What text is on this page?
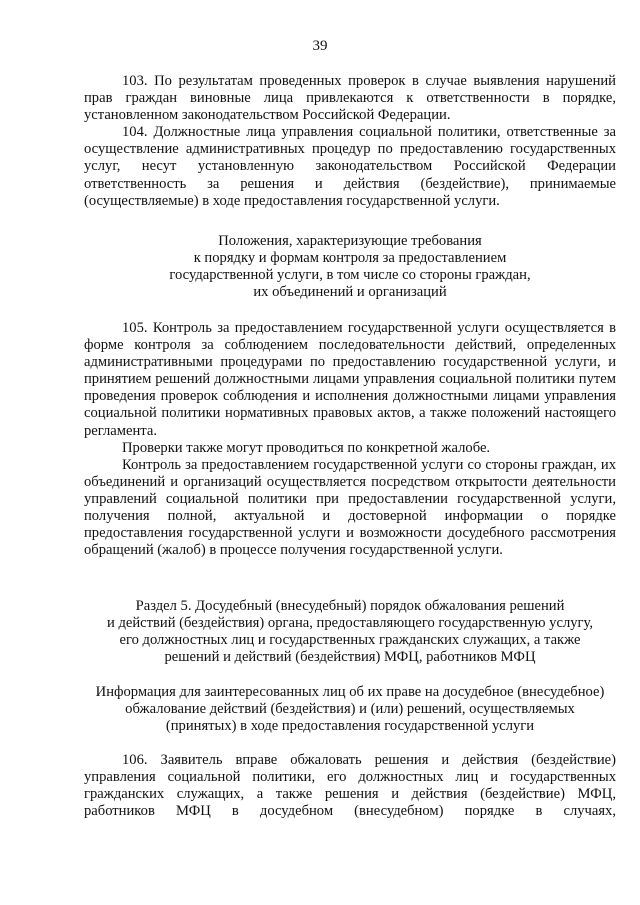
39

103. По результатам проведенных проверок в случае выявления нарушений прав граждан виновные лица привлекаются к ответственности в порядке, установленном законодательством Российской Федерации.

104. Должностные лица управления социальной политики, ответственные за осуществление административных процедур по предоставлению государственных услуг, несут установленную законодательством Российской Федерации ответственность за решения и действия (бездействие), принимаемые (осуществляемые) в ходе предоставления государственной услуги.

Положения, характеризующие требования

к порядку и формам контроля за предоставлением

государственной услуги, в том числе со стороны граждан,

их объединений и организаций

105. Контроль за предоставлением государственной услуги осуществляется в форме контроля за соблюдением последовательности действий, определенных административными процедурами по предоставлению государственной услуги, и принятием решений должностными лицами управления социальной политики путем проведения проверок соблюдения и исполнения должностными лицами управления социальной политики нормативных правовых актов, а также положений настоящего регламента.

Проверки также могут проводиться по конкретной жалобе.

Контроль за предоставлением государственной услуги со стороны граждан, их объединений и организаций осуществляется посредством открытости деятельности управлений социальной политики при предоставлении государственной услуги, получения полной, актуальной и достоверной информации о порядке предоставления государственной услуги и возможности досудебного рассмотрения обращений (жалоб) в процессе получения государственной услуги.

Раздел 5. Досудебный (внесудебный) порядок обжалования решений

и действий (бездействия) органа, предоставляющего государственную услугу,

его должностных лиц и государственных гражданских служащих, а также

решений и действий (бездействия) МФЦ, работников МФЦ

Информация для заинтересованных лиц об их праве на досудебное (внесудебное)

обжалование действий (бездействия) и (или) решений, осуществляемых

(принятых) в ходе предоставления государственной услуги

106. Заявитель вправе обжаловать решения и действия (бездействие) управления социальной политики, его должностных лиц и государственных гражданских служащих, а также решения и действия (бездействие) МФЦ, работников МФЦ в досудебном (внесудебном) порядке в случаях,
